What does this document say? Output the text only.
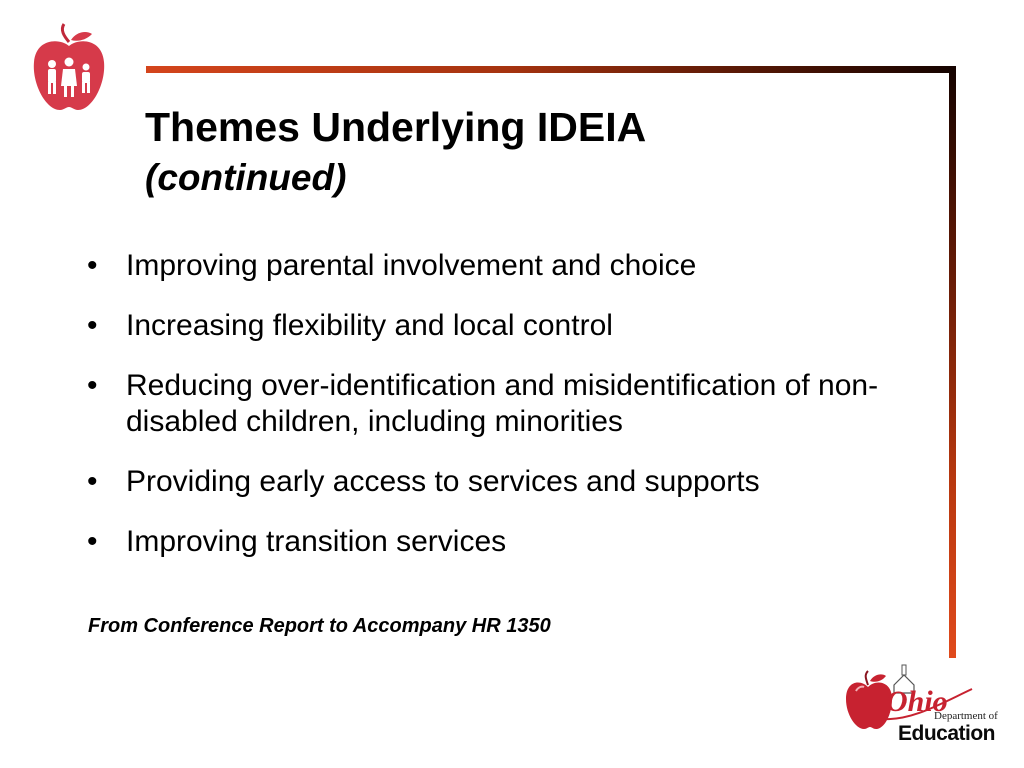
Themes Underlying IDEIA
(continued)
• Improving parental involvement and choice
• Increasing flexibility and local control
• Reducing over-identification and misidentification of non-disabled children, including minorities
• Providing early access to services and supports
• Improving transition services

From Conference Report to Accompany HR 1350

Ohio
Department of
Education
